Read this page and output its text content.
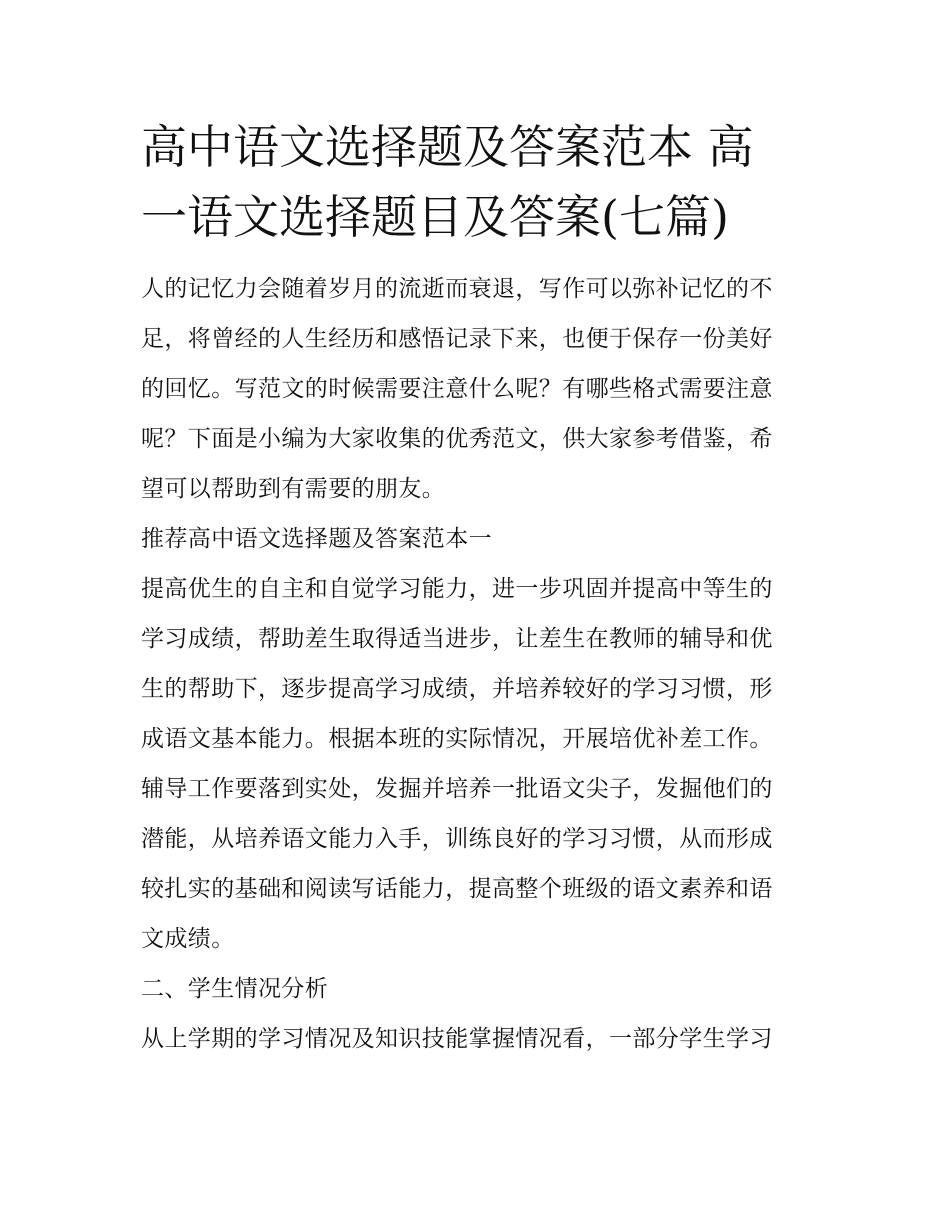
高中语文选择题及答案范本 高
一语文选择题目及答案(七篇)
人的记忆力会随着岁月的流逝而衰退，写作可以弥补记忆的不
足，将曾经的人生经历和感悟记录下来，也便于保存一份美好
的回忆。写范文的时候需要注意什么呢？有哪些格式需要注意
呢？下面是小编为大家收集的优秀范文，供大家参考借鉴，希
望可以帮助到有需要的朋友。
推荐高中语文选择题及答案范本一
提高优生的自主和自觉学习能力，进一步巩固并提高中等生的
学习成绩，帮助差生取得适当进步，让差生在教师的辅导和优
生的帮助下，逐步提高学习成绩，并培养较好的学习习惯，形
成语文基本能力。根据本班的实际情况，开展培优补差工作。
辅导工作要落到实处，发掘并培养一批语文尖子，发掘他们的
潜能，从培养语文能力入手，训练良好的学习习惯，从而形成
较扎实的基础和阅读写话能力，提高整个班级的语文素养和语
文成绩。
二、学生情况分析
从上学期的学习情况及知识技能掌握情况看，一部分学生学习
